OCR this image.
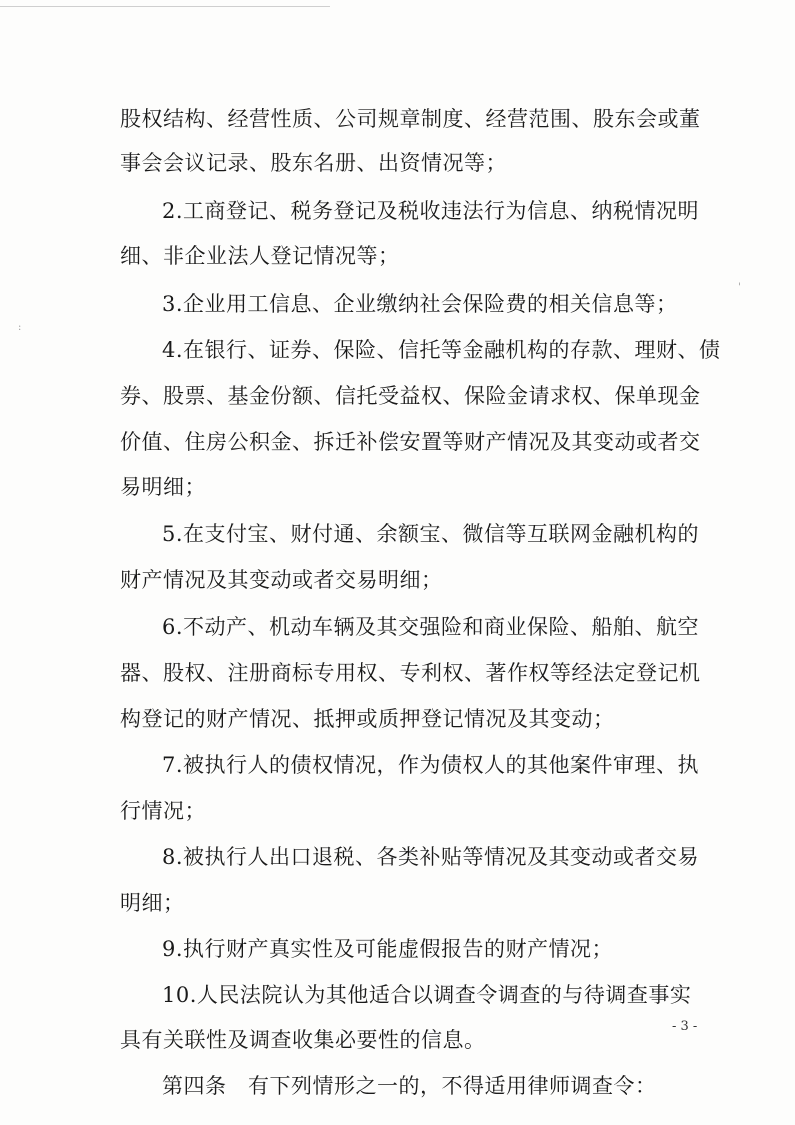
:
'
股权结构、经营性质、公司规章制度、经营范围、股东会或董
事会会议记录、股东名册、出资情况等；
2.工商登记、税务登记及税收违法行为信息、纳税情况明
细、非企业法人登记情况等；
3.企业用工信息、企业缴纳社会保险费的相关信息等；
4.在银行、证券、保险、信托等金融机构的存款、理财、债
券、股票、基金份额、信托受益权、保险金请求权、保单现金
价值、住房公积金、拆迁补偿安置等财产情况及其变动或者交
易明细；
5.在支付宝、财付通、余额宝、微信等互联网金融机构的
财产情况及其变动或者交易明细；
6.不动产、机动车辆及其交强险和商业保险、船舶、航空
器、股权、注册商标专用权、专利权、著作权等经法定登记机
构登记的财产情况、抵押或质押登记情况及其变动；
7.被执行人的债权情况，作为债权人的其他案件审理、执
行情况；
8.被执行人出口退税、各类补贴等情况及其变动或者交易
明细；
9.执行财产真实性及可能虚假报告的财产情况；
10.人民法院认为其他适合以调查令调查的与待调查事实
具有关联性及调查收集必要性的信息。
第四条　有下列情形之一的，不得适用律师调查令：
- 3 -
